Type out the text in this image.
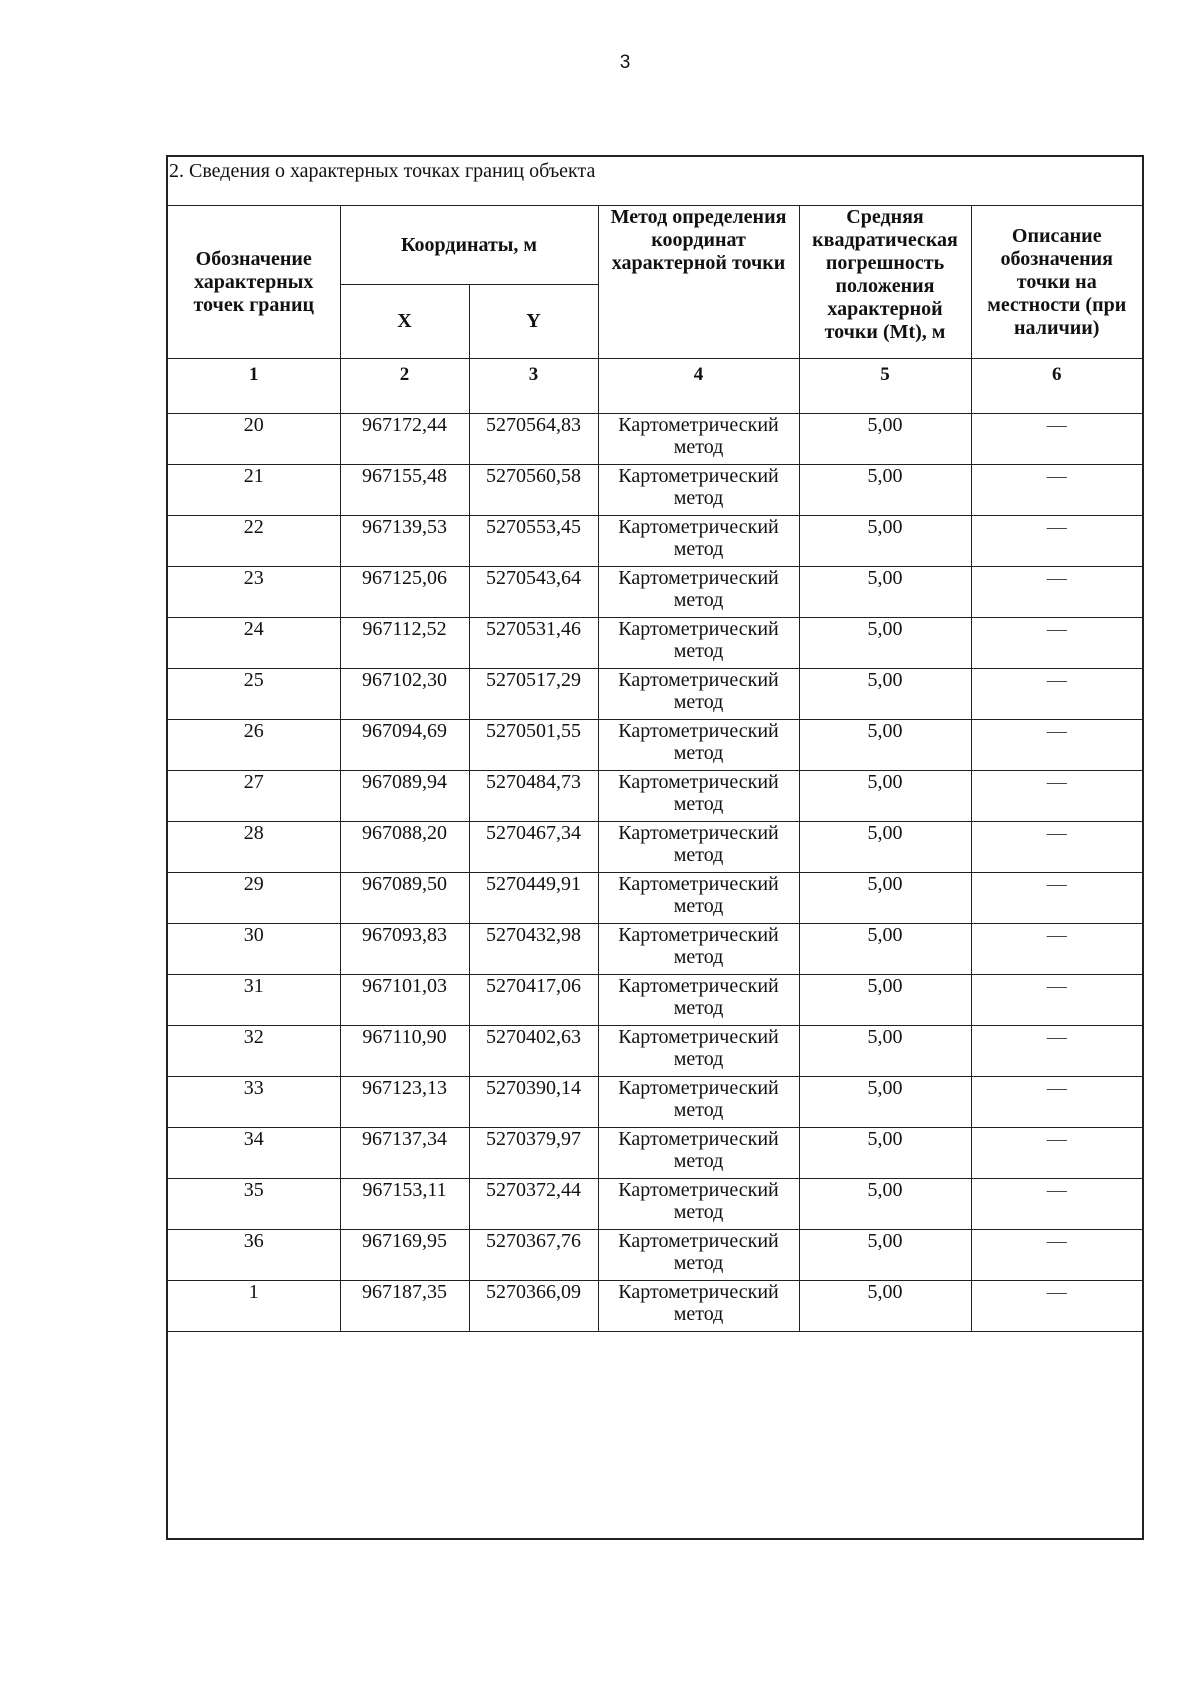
3
2. Сведения о характерных точках границ объекта
Обозначение характерных точек границ	Координаты, м		Метод определения координат характерной точки	Средняя квадратическая погрешность положения характерной точки (Mt), м	Описание обозначения точки на местности (при наличии)
	X	Y			
1	2	3	4	5	6
20	967172,44	5270564,83	Картометрический метод	5,00	—
21	967155,48	5270560,58	Картометрический метод	5,00	—
22	967139,53	5270553,45	Картометрический метод	5,00	—
23	967125,06	5270543,64	Картометрический метод	5,00	—
24	967112,52	5270531,46	Картометрический метод	5,00	—
25	967102,30	5270517,29	Картометрический метод	5,00	—
26	967094,69	5270501,55	Картометрический метод	5,00	—
27	967089,94	5270484,73	Картометрический метод	5,00	—
28	967088,20	5270467,34	Картометрический метод	5,00	—
29	967089,50	5270449,91	Картометрический метод	5,00	—
30	967093,83	5270432,98	Картометрический метод	5,00	—
31	967101,03	5270417,06	Картометрический метод	5,00	—
32	967110,90	5270402,63	Картометрический метод	5,00	—
33	967123,13	5270390,14	Картометрический метод	5,00	—
34	967137,34	5270379,97	Картометрический метод	5,00	—
35	967153,11	5270372,44	Картометрический метод	5,00	—
36	967169,95	5270367,76	Картометрический метод	5,00	—
1	967187,35	5270366,09	Картометрический метод	5,00	—
